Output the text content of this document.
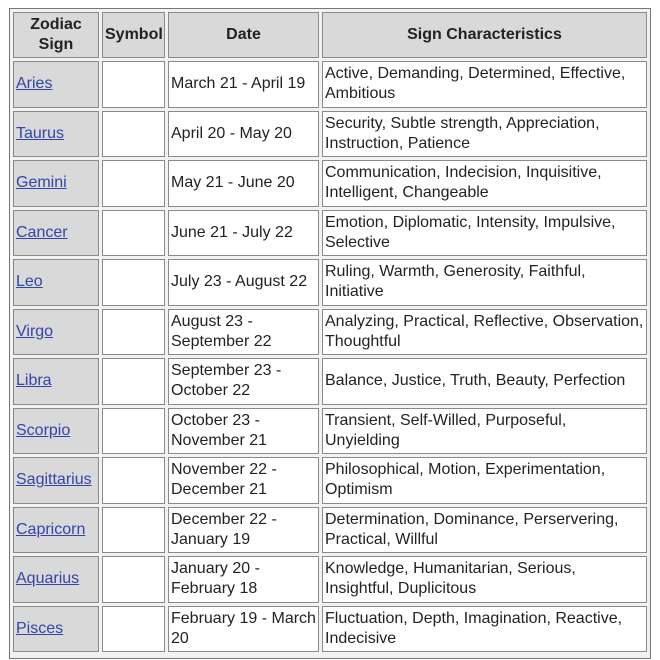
Zodiac Sign	Symbol	Date	Sign Characteristics
Aries		March 21 - April 19	Active, Demanding, Determined, Effective, Ambitious
Taurus		April 20 - May 20	Security, Subtle strength, Appreciation, Instruction, Patience
Gemini		May 21 - June 20	Communication, Indecision, Inquisitive, Intelligent, Changeable
Cancer		June 21 - July 22	Emotion, Diplomatic, Intensity, Impulsive, Selective
Leo		July 23 - August 22	Ruling, Warmth, Generosity, Faithful, Initiative
Virgo		August 23 - September 22	Analyzing, Practical, Reflective, Observation, Thoughtful
Libra		September 23 - October 22	Balance, Justice, Truth, Beauty, Perfection
Scorpio		October 23 - November 21	Transient, Self-Willed, Purposeful, Unyielding
Sagittarius		November 22 - December 21	Philosophical, Motion, Experimentation, Optimism
Capricorn		December 22 - January 19	Determination, Dominance, Perservering, Practical, Willful
Aquarius		January 20 - February 18	Knowledge, Humanitarian, Serious, Insightful, Duplicitous
Pisces		February 19 - March 20	Fluctuation, Depth, Imagination, Reactive, Indecisive
